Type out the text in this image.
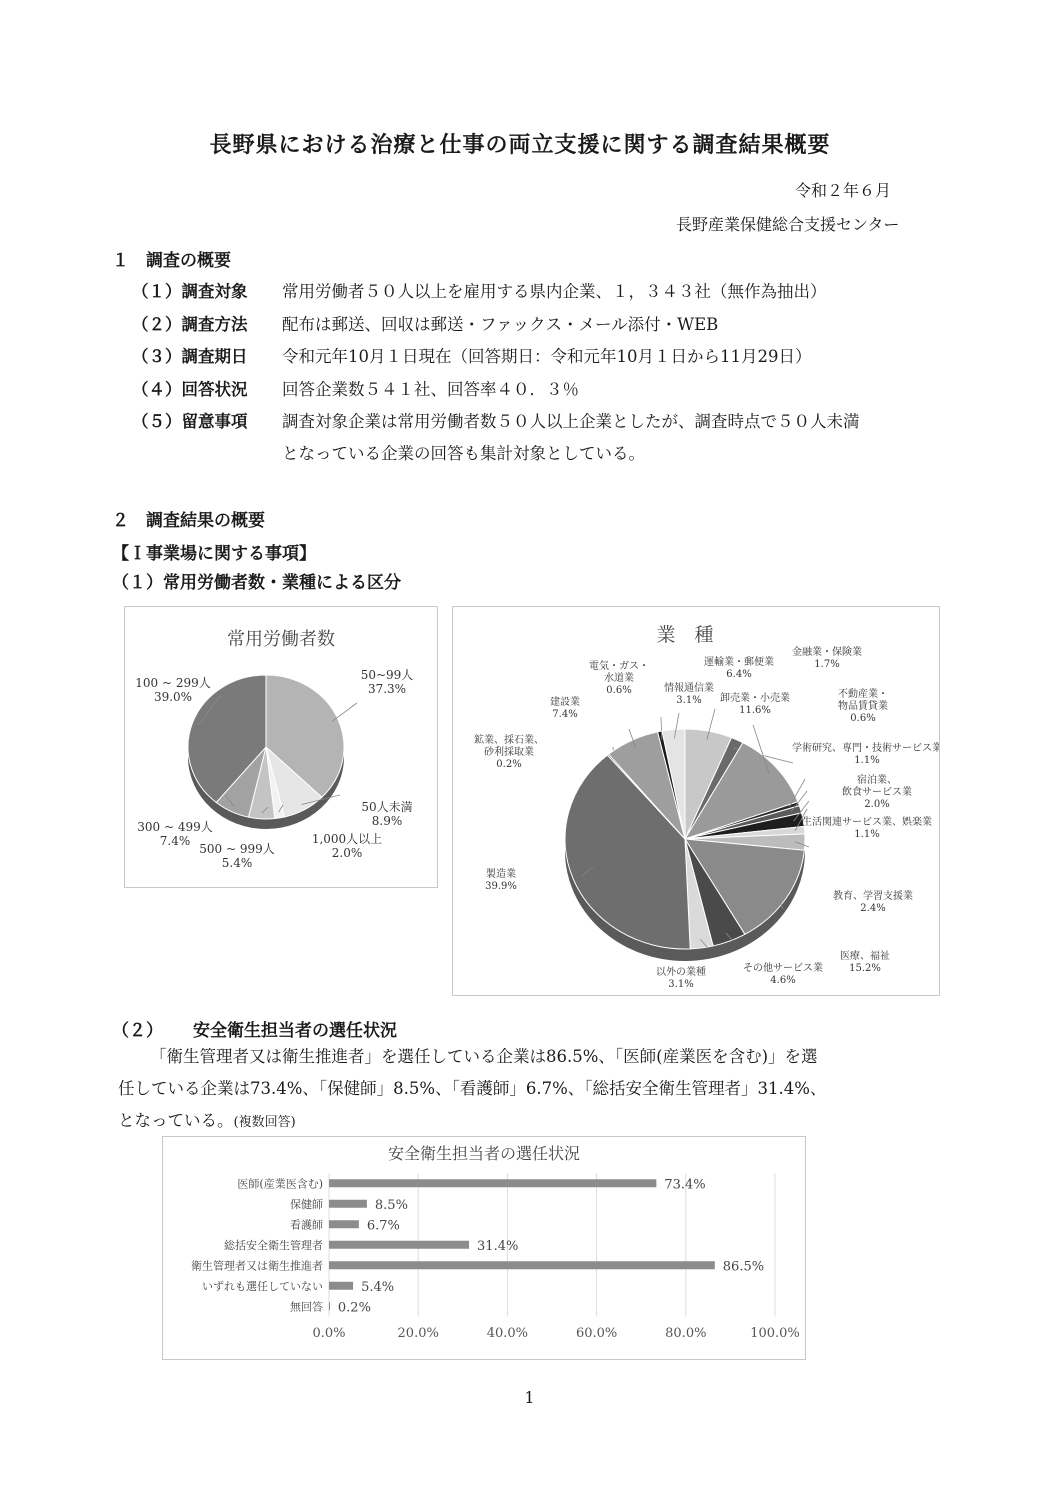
長野県における治療と仕事の両立支援に関する調査結果概要
令和２年６月
長野産業保健総合支援センター
１　調査の概要
（１）調査対象 常用労働者５０人以上を雇用する県内企業、１，３４３社（無作為抽出）
（２）調査方法 配布は郵送、回収は郵送・ファックス・メール添付・WEB
（３）調査期日 令和元年10月１日現在（回答期日：令和元年10月１日から11月29日）
（４）回答状況 回答企業数５４１社、回答率４０．３％
（５）留意事項 調査対象企業は常用労働者数５０人以上企業としたが、調査時点で５０人未満
となっている企業の回答も集計対象としている。
２　調査結果の概要
【Ｉ事業場に関する事項】
（１）常用労働者数・業種による区分
常用労働者数
50~99人 37.3%
50人未満 8.9%
1,000人以上 2.0%
500 ~ 999人 5.4%
300 ~ 499人 7.4%
100 ~ 299人 39.0%
業　種
運輸業・郵便業 6.4%
金融業・保険業 1.7%
卸売業・小売業 11.6%
不動産業・物品賃貸業 0.6%
学術研究、専門・技術サービス業 1.1%
宿泊業、飲食サービス業 2.0%
生活関連サービス業、娯楽業 1.1%
教育、学習支援業 2.4%
医療、福祉 15.2%
その他サービス業 4.6%
以外の業種 3.1%
製造業 39.9%
鉱業、採石業、砂利採取業 0.2%
建設業 7.4%
電気・ガス・水道業 0.6%	情報通信業 3.1%
（２） 安全衛生担当者の選任状況
「衛生管理者又は衛生推進者」を選任している企業は86.5%、「医師(産業医を含む)」を選
任している企業は73.4%、「保健師」8.5%、「看護師」6.7%、「総括安全衛生管理者」31.4%、
となっている。(複数回答)
安全衛生担当者の選任状況
0.0%	20.0%	40.0%	60.0%	80.0%	100.0%
医師(産業医含む)	73.4%
保健師	8.5%
看護師	6.7%
総括安全衛生管理者	31.4%
衛生管理者又は衛生推進者	86.5%
いずれも選任していない	5.4%
無回答 0.2%
1
